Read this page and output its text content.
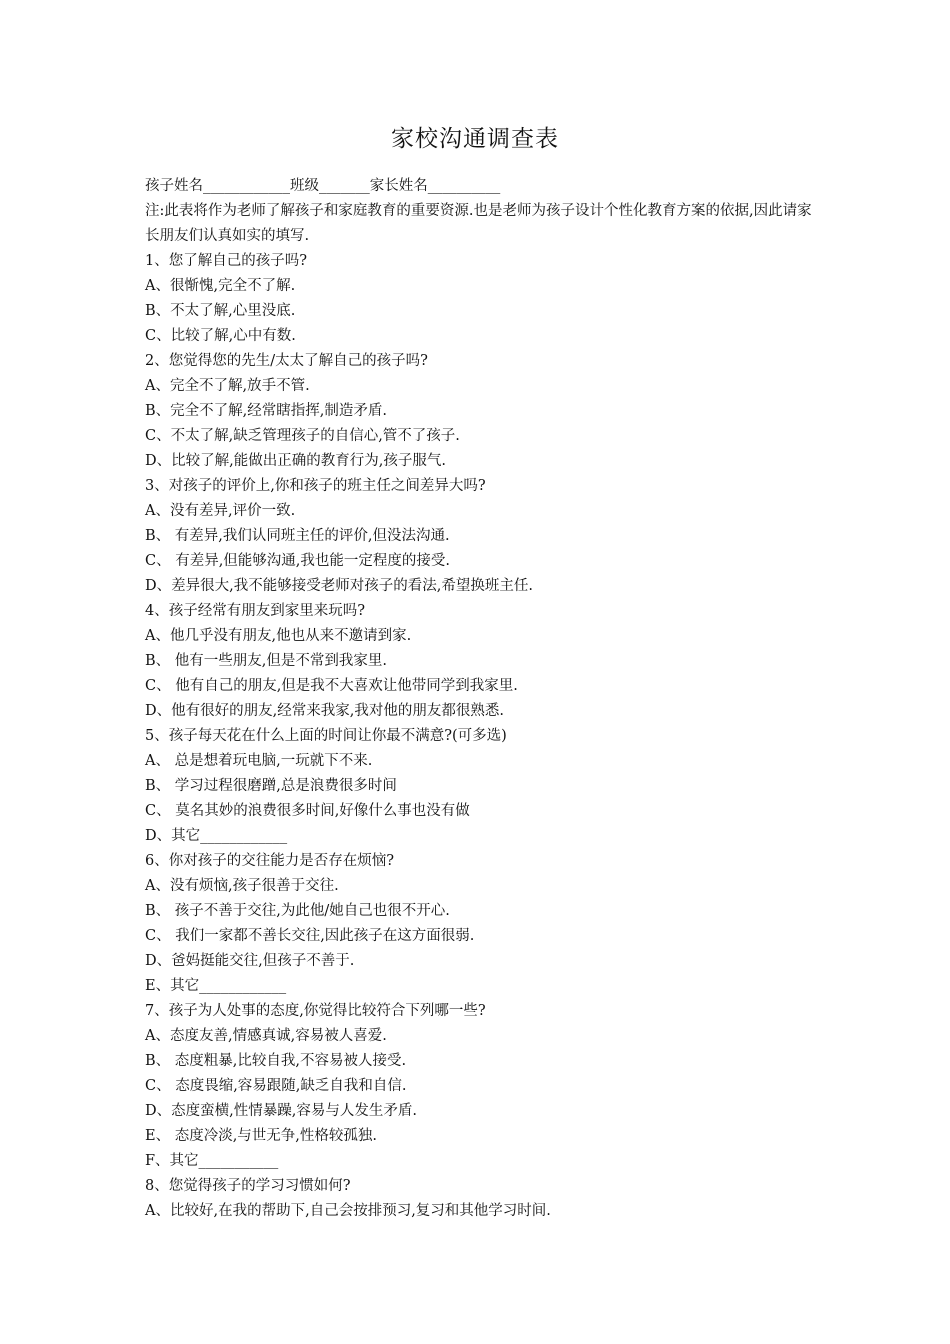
家校沟通调查表
孩子姓名____________班级_______家长姓名__________
注:此表将作为老师了解孩子和家庭教育的重要资源.也是老师为孩子设计个性化教育方案的依据,因此请家长朋友们认真如实的填写.
1、您了解自己的孩子吗?
A、很惭愧,完全不了解.
B、不太了解,心里没底.
C、比较了解,心中有数.
2、您觉得您的先生/太太了解自己的孩子吗?
A、完全不了解,放手不管.
B、完全不了解,经常瞎指挥,制造矛盾.
C、不太了解,缺乏管理孩子的自信心,管不了孩子.
D、比较了解,能做出正确的教育行为,孩子服气.
3、对孩子的评价上,你和孩子的班主任之间差异大吗?
A、没有差异,评价一致.
B、 有差异,我们认同班主任的评价,但没法沟通.
C、 有差异,但能够沟通,我也能一定程度的接受.
D、差异很大,我不能够接受老师对孩子的看法,希望换班主任.
4、孩子经常有朋友到家里来玩吗?
A、他几乎没有朋友,他也从来不邀请到家.
B、 他有一些朋友,但是不常到我家里.
C、 他有自己的朋友,但是我不大喜欢让他带同学到我家里.
D、他有很好的朋友,经常来我家,我对他的朋友都很熟悉.
5、孩子每天花在什么上面的时间让你最不满意?(可多选)
A、 总是想着玩电脑,一玩就下不来.
B、 学习过程很磨蹭,总是浪费很多时间
C、 莫名其妙的浪费很多时间,好像什么事也没有做
D、其它____________
6、你对孩子的交往能力是否存在烦恼?
A、没有烦恼,孩子很善于交往.
B、 孩子不善于交往,为此他/她自己也很不开心.
C、 我们一家都不善长交往,因此孩子在这方面很弱.
D、爸妈挺能交往,但孩子不善于.
E、其它____________
7、孩子为人处事的态度,你觉得比较符合下列哪一些?
A、态度友善,情感真诚,容易被人喜爱.
B、 态度粗暴,比较自我,不容易被人接受.
C、 态度畏缩,容易跟随,缺乏自我和自信.
D、态度蛮横,性情暴躁,容易与人发生矛盾.
E、 态度冷淡,与世无争,性格较孤独.
F、其它___________
8、您觉得孩子的学习习惯如何?
A、比较好,在我的帮助下,自己会按排预习,复习和其他学习时间.
